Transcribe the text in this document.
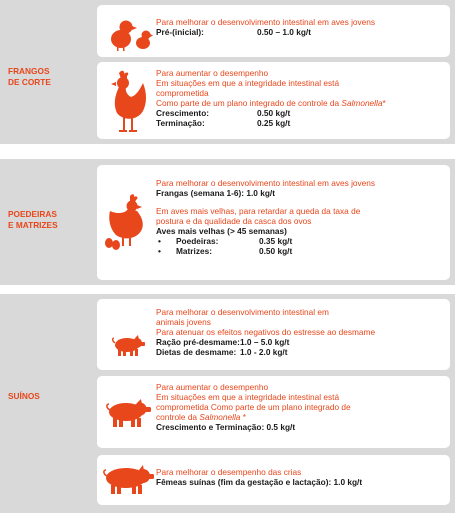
FRANGOS
DE CORTE
Para melhorar o desenvolvimento intestinal em aves jovens
Pré-(inicial):	0.50 – 1.0 kg/t
Para aumentar o desempenho
Em situações em que a integridade intestinal está
comprometida
Como parte de um plano integrado de controle da Salmonella*
Crescimento:	0.50 kg/t
Terminação:	0.25 kg/t
POEDEIRAS
E MATRIZES
Para melhorar o desenvolvimento intestinal em aves jovens
Frangas (semana 1-6): 1.0 kg/t
Em aves mais velhas, para retardar a queda da taxa de
postura e da qualidade da casca dos ovos
Aves mais velhas (> 45 semanas)
•	Poedeiras:	0.35 kg/t
•	Matrizes:	0.50 kg/t
SUÍNOS
Para melhorar o desenvolvimento intestinal em
animais jovens
Para atenuar os efeitos negativos do estresse ao desmame
Ração pré-desmame: 1.0 – 5.0 kg/t
Dietas de desmame: 1.0 - 2.0 kg/t
Para aumentar o desempenho
Em situações em que a integridade intestinal está
comprometida Como parte de um plano integrado de
controle da Salmonella *
Crescimento e Terminação: 0.5 kg/t
Para melhorar o desempenho das crias
Fêmeas suínas (fim da gestação e lactação): 1.0 kg/t
